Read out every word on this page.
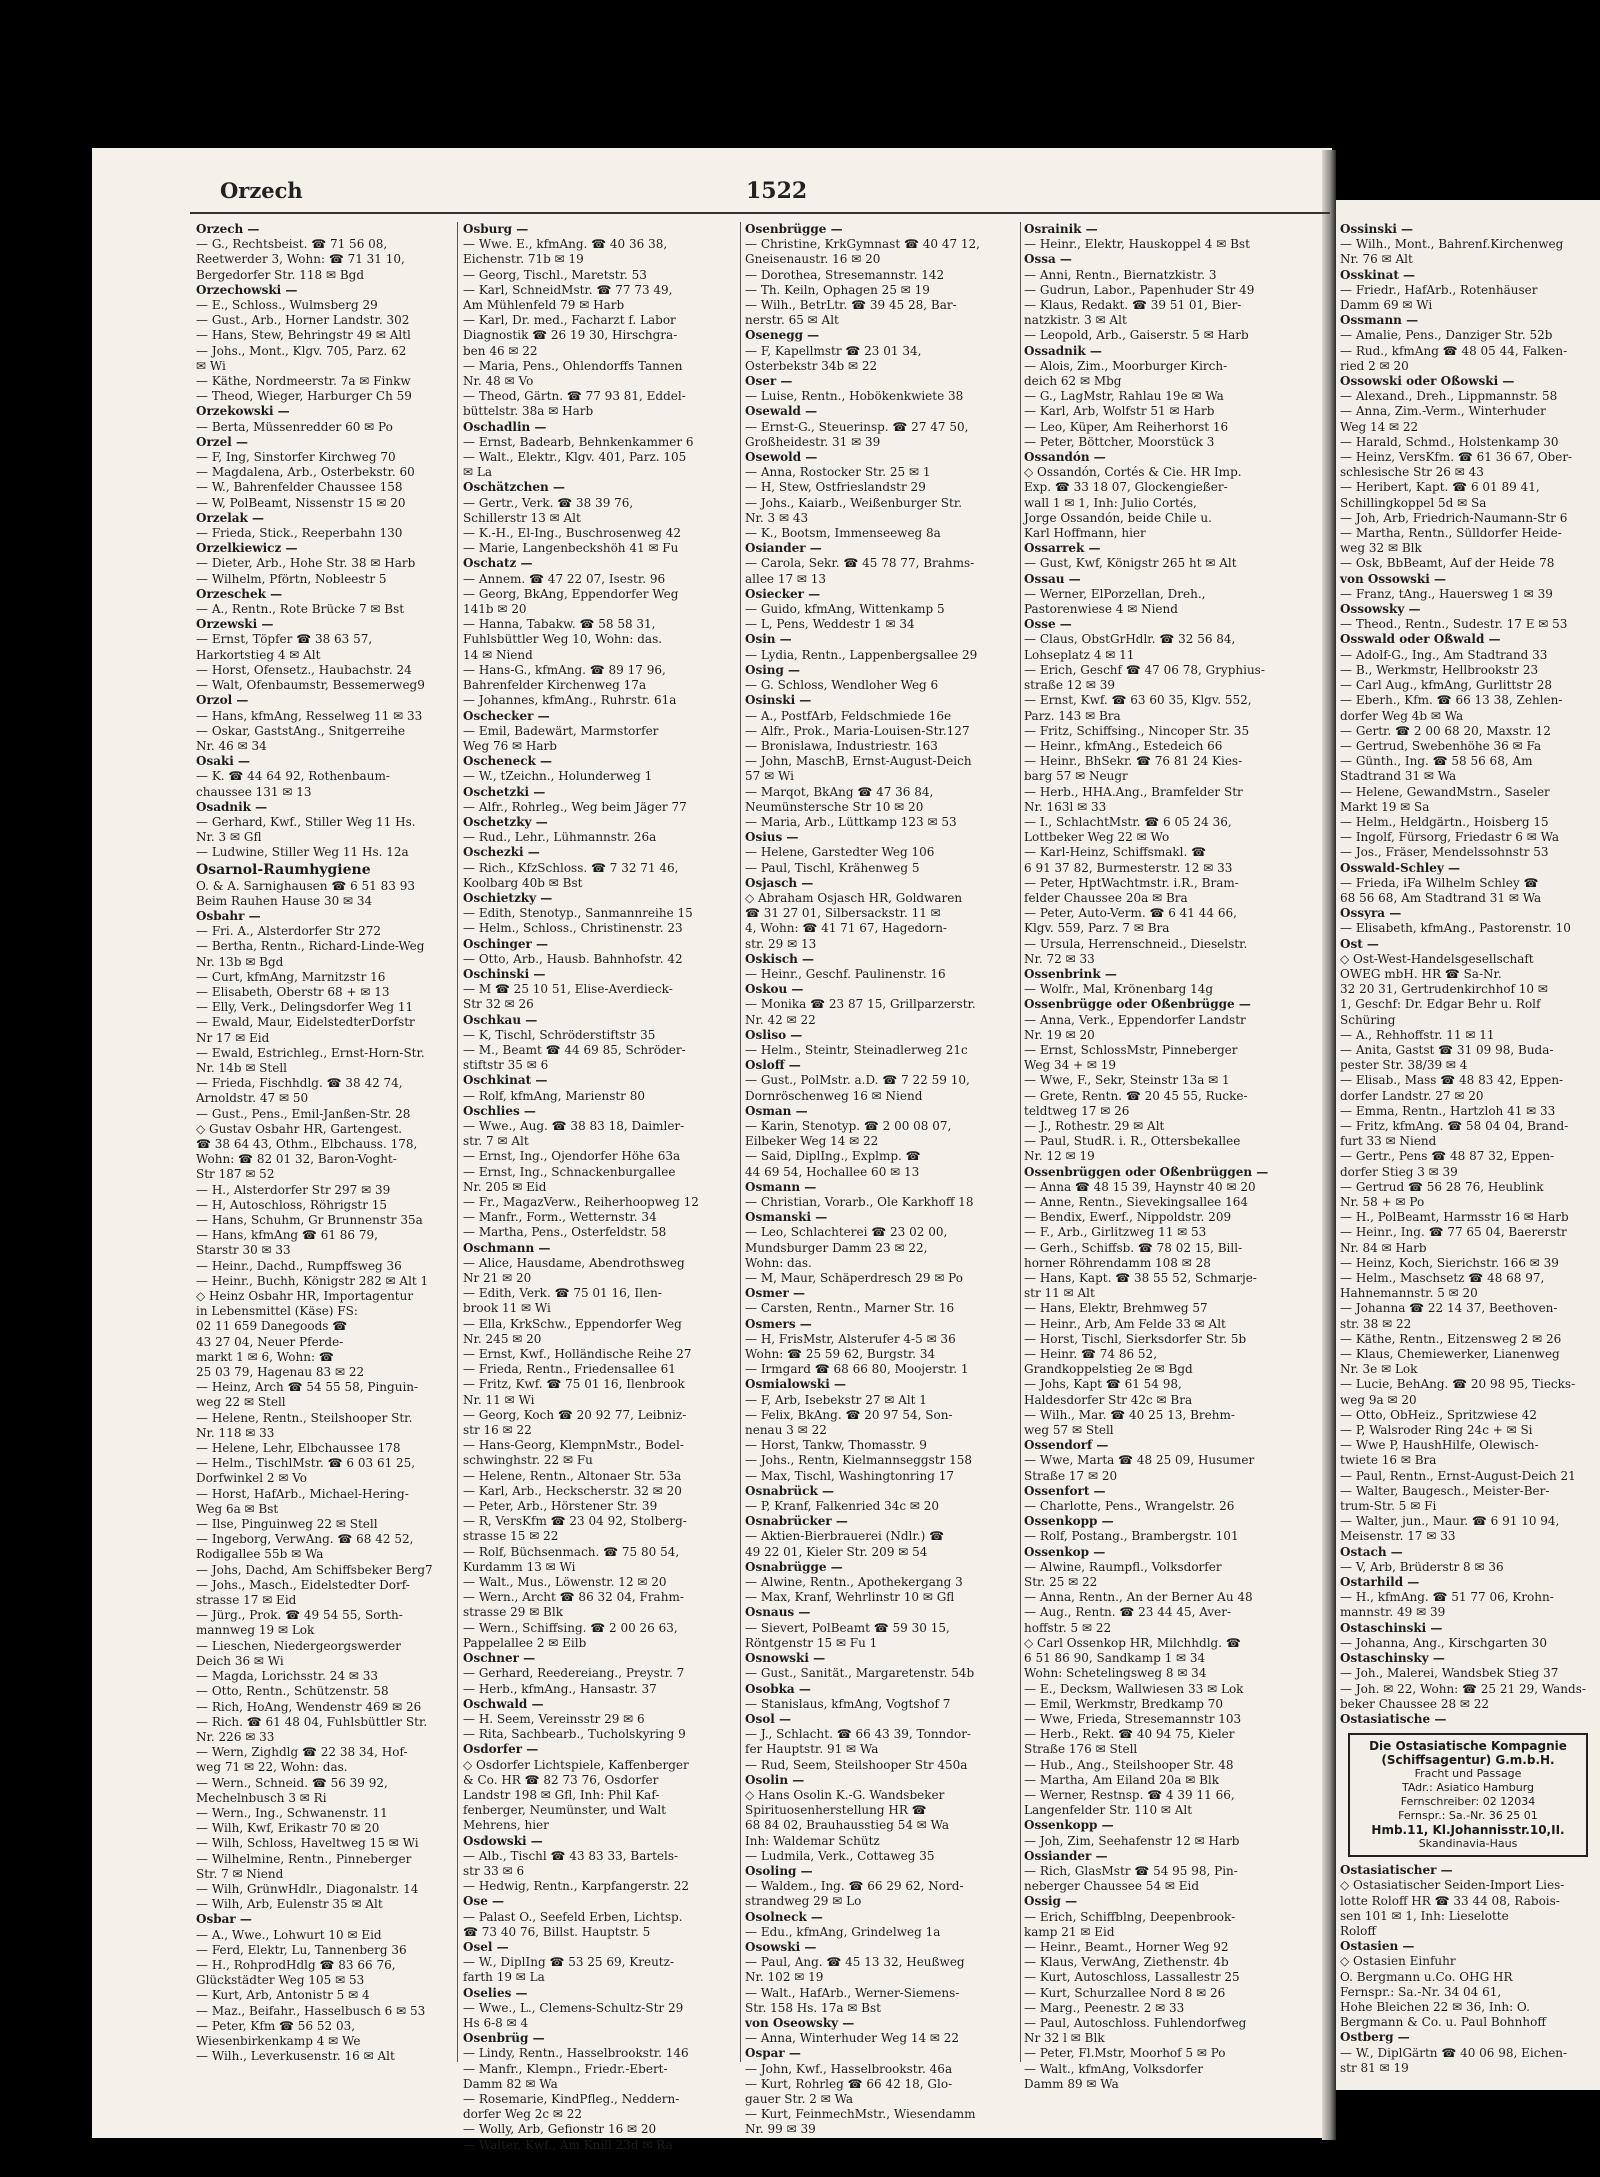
Orzech	1522
Orzech —
— G., Rechtsbeist. ☎ 71 56 08,
Reetwerder 3, Wohn: ☎ 71 31 10,
Bergedorfer Str. 118 ✉ Bgd
Orzechowski —
— E., Schloss., Wulmsberg 29
— Gust., Arb., Horner Landstr. 302
— Hans, Stew, Behringstr 49 ✉ Altl
— Johs., Mont., Klgv. 705, Parz. 62
✉ Wi
— Käthe, Nordmeerstr. 7a ✉ Finkw
— Theod, Wieger, Harburger Ch 59
Orzekowski —
— Berta, Müssenredder 60 ✉ Po
Orzel —
— F, Ing, Sinstorfer Kirchweg 70
— Magdalena, Arb., Osterbekstr. 60
— W., Bahrenfelder Chaussee 158
— W, PolBeamt, Nissenstr 15 ✉ 20
Orzelak —
— Frieda, Stick., Reeperbahn 130
Orzelkiewicz —
— Dieter, Arb., Hohe Str. 38 ✉ Harb
— Wilhelm, Pförtn, Nobleestr 5
Orzeschek —
— A., Rentn., Rote Brücke 7 ✉ Bst
Orzewski —
— Ernst, Töpfer ☎ 38 63 57,
Harkortstieg 4 ✉ Alt
— Horst, Ofensetz., Haubachstr. 24
— Walt, Ofenbaumstr, Bessemerweg9
Orzol —
— Hans, kfmAng, Resselweg 11 ✉ 33
— Oskar, GaststAng., Snitgerreihe
Nr. 46 ✉ 34
Osaki —
— K. ☎ 44 64 92, Rothenbaum-
chaussee 131 ✉ 13
Osadnik —
— Gerhard, Kwf., Stiller Weg 11 Hs.
Nr. 3 ✉ Gfl
— Ludwine, Stiller Weg 11 Hs. 12a
Osarnol-Raumhygiene
O. & A. Sarnighausen ☎ 6 51 83 93
Beim Rauhen Hause 30 ✉ 34
Osbahr —
— Fri. A., Alsterdorfer Str 272
— Bertha, Rentn., Richard-Linde-Weg
Nr. 13b ✉ Bgd
— Curt, kfmAng, Marnitzstr 16
— Elisabeth, Oberstr 68 + ✉ 13
— Elly, Verk., Delingsdorfer Weg 11
— Ewald, Maur, EidelstedterDorfstr
Nr 17 ✉ Eid
— Ewald, Estrichleg., Ernst-Horn-Str.
Nr. 14b ✉ Stell
— Frieda, Fischhdlg. ☎ 38 42 74,
Arnoldstr. 47 ✉ 50
— Gust., Pens., Emil-Janßen-Str. 28
◇ Gustav Osbahr HR, Gartengest.
☎ 38 64 43, Othm., Elbchauss. 178,
Wohn: ☎ 82 01 32, Baron-Voght-
Str 187 ✉ 52
— H., Alsterdorfer Str 297 ✉ 39
— H, Autoschloss, Röhrigstr 15
— Hans, Schuhm, Gr Brunnenstr 35a
— Hans, kfmAng ☎ 61 86 79,
Starstr 30 ✉ 33
— Heinr., Dachd., Rumpffsweg 36
— Heinr., Buchh, Königstr 282 ✉ Alt 1
◇ Heinz Osbahr HR, Importagentur
in Lebensmittel (Käse) FS:
02 11 659 Danegoods ☎
43 27 04, Neuer Pferde-
markt 1 ✉ 6, Wohn: ☎
25 03 79, Hagenau 83 ✉ 22
— Heinz, Arch ☎ 54 55 58, Pinguin-
weg 22 ✉ Stell
— Helene, Rentn., Steilshooper Str.
Nr. 118 ✉ 33
— Helene, Lehr, Elbchaussee 178
— Helm., TischlMstr. ☎ 6 03 61 25,
Dorfwinkel 2 ✉ Vo
— Horst, HafArb., Michael-Hering-
Weg 6a ✉ Bst
— Ilse, Pinguinweg 22 ✉ Stell
— Ingeborg, VerwAng. ☎ 68 42 52,
Rodigallee 55b ✉ Wa
— Johs, Dachd, Am Schiffsbeker Berg7
— Johs., Masch., Eidelstedter Dorf-
strasse 17 ✉ Eid
— Jürg., Prok. ☎ 49 54 55, Sorth-
mannweg 19 ✉ Lok
— Lieschen, Niedergeorgswerder
Deich 36 ✉ Wi
— Magda, Lorichsstr. 24 ✉ 33
— Otto, Rentn., Schützenstr. 58
— Rich, HoAng, Wendenstr 469 ✉ 26
— Rich. ☎ 61 48 04, Fuhlsbüttler Str.
Nr. 226 ✉ 33
— Wern, Zighdlg ☎ 22 38 34, Hof-
weg 71 ✉ 22, Wohn: das.
— Wern., Schneid. ☎ 56 39 92,
Mechelnbusch 3 ✉ Ri
— Wern., Ing., Schwanenstr. 11
— Wilh, Kwf, Erikastr 70 ✉ 20
— Wilh, Schloss, Haveltweg 15 ✉ Wi
— Wilhelmine, Rentn., Pinneberger
Str. 7 ✉ Niend
— Wilh, GrünwHdlr., Diagonalstr. 14
— Wilh, Arb, Eulenstr 35 ✉ Alt
Osbar —
— A., Wwe., Lohwurt 10 ✉ Eid
— Ferd, Elektr, Lu, Tannenberg 36
— H., RohprodHdlg ☎ 83 66 76,
Glückstädter Weg 105 ✉ 53
— Kurt, Arb, Antonistr 5 ✉ 4
— Maz., Beifahr., Hasselbusch 6 ✉ 53
— Peter, Kfm ☎ 56 52 03,
Wiesenbirkenkamp 4 ✉ We
— Wilh., Leverkusenstr. 16 ✉ Alt
Osburg —
— Wwe. E., kfmAng. ☎ 40 36 38,
Eichenstr. 71b ✉ 19
— Georg, Tischl., Maretstr. 53
— Karl, SchneidMstr. ☎ 77 73 49,
Am Mühlenfeld 79 ✉ Harb
— Karl, Dr. med., Facharzt f. Labor
Diagnostik ☎ 26 19 30, Hirschgra-
ben 46 ✉ 22
— Maria, Pens., Ohlendorffs Tannen
Nr. 48 ✉ Vo
— Theod, Gärtn. ☎ 77 93 81, Eddel-
büttelstr. 38a ✉ Harb
Oschadlin —
— Ernst, Badearb, Behnkenkammer 6
— Walt., Elektr., Klgv. 401, Parz. 105
✉ La
Oschätzchen —
— Gertr., Verk. ☎ 38 39 76,
Schillerstr 13 ✉ Alt
— K.-H., El-Ing., Buschrosenweg 42
— Marie, Langenbeckshöh 41 ✉ Fu
Oschatz —
— Annem. ☎ 47 22 07, Isestr. 96
— Georg, BkAng, Eppendorfer Weg
141b ✉ 20
— Hanna, Tabakw. ☎ 58 58 31,
Fuhlsbüttler Weg 10, Wohn: das.
14 ✉ Niend
— Hans-G., kfmAng. ☎ 89 17 96,
Bahrenfelder Kirchenweg 17a
— Johannes, kfmAng., Ruhrstr. 61a
Oschecker —
— Emil, Badewärt, Marmstorfer
Weg 76 ✉ Harb
Oscheneck —
— W., tZeichn., Holunderweg 1
Oschetzki —
— Alfr., Rohrleg., Weg beim Jäger 77
Oschetzky —
— Rud., Lehr., Lühmannstr. 26a
Oschezki —
— Rich., KfzSchloss. ☎ 7 32 71 46,
Koolbarg 40b ✉ Bst
Oschietzky —
— Edith, Stenotyp., Sanmannreihe 15
— Helm., Schloss., Christinenstr. 23
Oschinger —
— Otto, Arb., Hausb. Bahnhofstr. 42
Oschinski —
— M ☎ 25 10 51, Elise-Averdieck-
Str 32 ✉ 26
Oschkau —
— K, Tischl, Schröderstiftstr 35
— M., Beamt ☎ 44 69 85, Schröder-
stiftstr 35 ✉ 6
Oschkinat —
— Rolf, kfmAng, Marienstr 80
Oschlies —
— Wwe., Aug. ☎ 38 83 18, Daimler-
str. 7 ✉ Alt
— Ernst, Ing., Ojendorfer Höhe 63a
— Ernst, Ing., Schnackenburgallee
Nr. 205 ✉ Eid
— Fr., MagazVerw., Reiherhoopweg 12
— Manfr., Form., Wetternstr. 34
— Martha, Pens., Osterfeldstr. 58
Oschmann —
— Alice, Hausdame, Abendrothsweg
Nr 21 ✉ 20
— Edith, Verk. ☎ 75 01 16, Ilen-
brook 11 ✉ Wi
— Ella, KrkSchw., Eppendorfer Weg
Nr. 245 ✉ 20
— Ernst, Kwf., Holländische Reihe 27
— Frieda, Rentn., Friedensallee 61
— Fritz, Kwf. ☎ 75 01 16, Ilenbrook
Nr. 11 ✉ Wi
— Georg, Koch ☎ 20 92 77, Leibniz-
str 16 ✉ 22
— Hans-Georg, KlempnMstr., Bodel-
schwinghstr. 22 ✉ Fu
— Helene, Rentn., Altonaer Str. 53a
— Karl, Arb., Heckscherstr. 32 ✉ 20
— Peter, Arb., Hörstener Str. 39
— R, VersKfm ☎ 23 04 92, Stolberg-
strasse 15 ✉ 22
— Rolf, Büchsenmach. ☎ 75 80 54,
Kurdamm 13 ✉ Wi
— Walt., Mus., Löwenstr. 12 ✉ 20
— Wern., Archt ☎ 86 32 04, Frahm-
strasse 29 ✉ Blk
— Wern., Schiffsing. ☎ 2 00 26 63,
Pappelallee 2 ✉ Eilb
Oschner —
— Gerhard, Reedereiang., Preystr. 7
— Herb., kfmAng., Hansastr. 37
Oschwald —
— H. Seem, Vereinsstr 29 ✉ 6
— Rita, Sachbearb., Tucholskyring 9
Osdorfer —
◇ Osdorfer Lichtspiele, Kaffenberger
& Co. HR ☎ 82 73 76, Osdorfer
Landstr 198 ✉ Gfl, Inh: Phil Kaf-
fenberger, Neumünster, und Walt
Mehrens, hier
Osdowski —
— Alb., Tischl ☎ 43 83 33, Bartels-
str 33 ✉ 6
— Hedwig, Rentn., Karpfangerstr. 22
Ose —
— Palast O., Seefeld Erben, Lichtsp.
☎ 73 40 76, Billst. Hauptstr. 5
Osel —
— W., DiplIng ☎ 53 25 69, Kreutz-
farth 19 ✉ La
Oselies —
— Wwe., L., Clemens-Schultz-Str 29
Hs 6-8 ✉ 4
Osenbrüg —
— Lindy, Rentn., Hasselbrookstr. 146
— Manfr., Klempn., Friedr.-Ebert-
Damm 82 ✉ Wa
— Rosemarie, KindPfleg., Neddern-
dorfer Weg 2c ✉ 22
— Wolly, Arb, Gefionstr 16 ✉ 20
— Walter, Kwf., Am Knill 23d ✉ Ra
Osenbrügge —
— Christine, KrkGymnast ☎ 40 47 12,
Gneisenaustr. 16 ✉ 20
— Dorothea, Stresemannstr. 142
— Th. Keiln, Ophagen 25 ✉ 19
— Wilh., BetrLtr. ☎ 39 45 28, Bar-
nerstr. 65 ✉ Alt
Osenegg —
— F, Kapellmstr ☎ 23 01 34,
Osterbekstr 34b ✉ 22
Oser —
— Luise, Rentn., Hobökenkwiete 38
Osewald —
— Ernst-G., Steuerinsp. ☎ 27 47 50,
Großheidestr. 31 ✉ 39
Osewold —
— Anna, Rostocker Str. 25 ✉ 1
— H, Stew, Ostfrieslandstr 29
— Johs., Kaiarb., Weißenburger Str.
Nr. 3 ✉ 43
— K., Bootsm, Immenseeweg 8a
Osiander —
— Carola, Sekr. ☎ 45 78 77, Brahms-
allee 17 ✉ 13
Osiecker —
— Guido, kfmAng, Wittenkamp 5
— L, Pens, Weddestr 1 ✉ 34
Osin —
— Lydia, Rentn., Lappenbergsallee 29
Osing —
— G. Schloss, Wendloher Weg 6
Osinski —
— A., PostfArb, Feldschmiede 16e
— Alfr., Prok., Maria-Louisen-Str.127
— Bronislawa, Industriestr. 163
— John, MaschB, Ernst-August-Deich
57 ✉ Wi
— Marqot, BkAng ☎ 47 36 84,
Neumünstersche Str 10 ✉ 20
— Maria, Arb., Lüttkamp 123 ✉ 53
Osius —
— Helene, Garstedter Weg 106
— Paul, Tischl, Krähenweg 5
Osjasch —
◇ Abraham Osjasch HR, Goldwaren
☎ 31 27 01, Silbersackstr. 11 ✉
4, Wohn: ☎ 41 71 67, Hagedorn-
str. 29 ✉ 13
Oskisch —
— Heinr., Geschf. Paulinenstr. 16
Oskou —
— Monika ☎ 23 87 15, Grillparzerstr.
Nr. 42 ✉ 22
Osliso —
— Helm., Steintr, Steinadlerweg 21c
Osloff —
— Gust., PolMstr. a.D. ☎ 7 22 59 10,
Dornröschenweg 16 ✉ Niend
Osman —
— Karin, Stenotyp. ☎ 2 00 08 07,
Eilbeker Weg 14 ✉ 22
— Said, DiplIng., Explmp. ☎
44 69 54, Hochallee 60 ✉ 13
Osmann —
— Christian, Vorarb., Ole Karkhoff 18
Osmanski —
— Leo, Schlachterei ☎ 23 02 00,
Mundsburger Damm 23 ✉ 22,
Wohn: das.
— M, Maur, Schäperdresch 29 ✉ Po
Osmer —
— Carsten, Rentn., Marner Str. 16
Osmers —
— H, FrisMstr, Alsterufer 4-5 ✉ 36
Wohn: ☎ 25 59 62, Burgstr. 34
— Irmgard ☎ 68 66 80, Moojerstr. 1
Osmialowski —
— F, Arb, Isebekstr 27 ✉ Alt 1
— Felix, BkAng. ☎ 20 97 54, Son-
nenau 3 ✉ 22
— Horst, Tankw, Thomasstr. 9
— Johs., Rentn, Kielmannseggstr 158
— Max, Tischl, Washingtonring 17
Osnabrück —
— P, Kranf, Falkenried 34c ✉ 20
Osnabrücker —
— Aktien-Bierbrauerei (Ndlr.) ☎
49 22 01, Kieler Str. 209 ✉ 54
Osnabrügge —
— Alwine, Rentn., Apothekergang 3
— Max, Kranf, Wehrlinstr 10 ✉ Gfl
Osnaus —
— Sievert, PolBeamt ☎ 59 30 15,
Röntgenstr 15 ✉ Fu 1
Osnowski —
— Gust., Sanität., Margaretenstr. 54b
Osobka —
— Stanislaus, kfmAng, Vogtshof 7
Osol —
— J., Schlacht. ☎ 66 43 39, Tonndor-
fer Hauptstr. 91 ✉ Wa
— Rud, Seem, Steilshooper Str 450a
Osolin —
◇ Hans Osolin K.-G. Wandsbeker
Spirituosenherstellung HR ☎
68 84 02, Brauhausstieg 54 ✉ Wa
Inh: Waldemar Schütz
— Ludmila, Verk., Cottaweg 35
Osoling —
— Waldem., Ing. ☎ 66 29 62, Nord-
strandweg 29 ✉ Lo
Osolneck —
— Edu., kfmAng, Grindelweg 1a
Osowski —
— Paul, Ang. ☎ 45 13 32, Heußweg
Nr. 102 ✉ 19
— Walt., HafArb., Werner-Siemens-
Str. 158 Hs. 17a ✉ Bst
von Oseowsky —
— Anna, Winterhuder Weg 14 ✉ 22
Ospar —
— John, Kwf., Hasselbrookstr. 46a
— Kurt, Rohrleg ☎ 66 42 18, Glo-
gauer Str. 2 ✉ Wa
— Kurt, FeinmechMstr., Wiesendamm
Nr. 99 ✉ 39
Osrainik —
— Heinr., Elektr, Hauskoppel 4 ✉ Bst
Ossa —
— Anni, Rentn., Biernatzkistr. 3
— Gudrun, Labor., Papenhuder Str 49
— Klaus, Redakt. ☎ 39 51 01, Bier-
natzkistr. 3 ✉ Alt
— Leopold, Arb., Gaiserstr. 5 ✉ Harb
Ossadnik —
— Alois, Zim., Moorburger Kirch-
deich 62 ✉ Mbg
— G., LagMstr, Rahlau 19e ✉ Wa
— Karl, Arb, Wolfstr 51 ✉ Harb
— Leo, Küper, Am Reiherhorst 16
— Peter, Böttcher, Moorstück 3
Ossandón —
◇ Ossandón, Cortés & Cie. HR Imp.
Exp. ☎ 33 18 07, Glockengießer-
wall 1 ✉ 1, Inh: Julio Cortés,
Jorge Ossandón, beide Chile u.
Karl Hoffmann, hier
Ossarrek —
— Gust, Kwf, Königstr 265 ht ✉ Alt
Ossau —
— Werner, ElPorzellan, Dreh.,
Pastorenwiese 4 ✉ Niend
Osse —
— Claus, ObstGrHdlr. ☎ 32 56 84,
Lohseplatz 4 ✉ 11
— Erich, Geschf ☎ 47 06 78, Gryphius-
straße 12 ✉ 39
— Ernst, Kwf. ☎ 63 60 35, Klgv. 552,
Parz. 143 ✉ Bra
— Fritz, Schiffsing., Nincoper Str. 35
— Heinr., kfmAng., Estedeich 66
— Heinr., BhSekr. ☎ 76 81 24 Kies-
barg 57 ✉ Neugr
— Herb., HHA.Ang., Bramfelder Str
Nr. 163l ✉ 33
— I., SchlachtMstr. ☎ 6 05 24 36,
Lottbeker Weg 22 ✉ Wo
— Karl-Heinz, Schiffsmakl. ☎
6 91 37 82, Burmesterstr. 12 ✉ 33
— Peter, HptWachtmstr. i.R., Bram-
felder Chaussee 20a ✉ Bra
— Peter, Auto-Verm. ☎ 6 41 44 66,
Klgv. 559, Parz. 7 ✉ Bra
— Ursula, Herrenschneid., Dieselstr.
Nr. 72 ✉ 33
Ossenbrink —
— Wolfr., Mal, Krönenbarg 14g
Ossenbrügge oder Oßenbrügge —
— Anna, Verk., Eppendorfer Landstr
Nr. 19 ✉ 20
— Ernst, SchlossMstr, Pinneberger
Weg 34 + ✉ 19
— Wwe, F., Sekr, Steinstr 13a ✉ 1
— Grete, Rentn. ☎ 20 45 55, Rucke-
teldtweg 17 ✉ 26
— J., Rothestr. 29 ✉ Alt
— Paul, StudR. i. R., Ottersbekallee
Nr. 12 ✉ 19
Ossenbrüggen oder Oßenbrüggen —
— Anna ☎ 48 15 39, Haynstr 40 ✉ 20
— Anne, Rentn., Sievekingsallee 164
— Bendix, Ewerf., Nippoldstr. 209
— F., Arb., Girlitzweg 11 ✉ 53
— Gerh., Schiffsb. ☎ 78 02 15, Bill-
horner Röhrendamm 108 ✉ 28
— Hans, Kapt. ☎ 38 55 52, Schmarje-
str 11 ✉ Alt
— Hans, Elektr, Brehmweg 57
— Heinr., Arb, Am Felde 33 ✉ Alt
— Horst, Tischl, Sierksdorfer Str. 5b
— Heinr. ☎ 74 86 52,
Grandkoppelstieg 2e ✉ Bgd
— Johs, Kapt ☎ 61 54 98,
Haldesdorfer Str 42c ✉ Bra
— Wilh., Mar. ☎ 40 25 13, Brehm-
weg 57 ✉ Stell
Ossendorf —
— Wwe, Marta ☎ 48 25 09, Husumer
Straße 17 ✉ 20
Ossenfort —
— Charlotte, Pens., Wrangelstr. 26
Ossenkopp —
— Rolf, Postang., Brambergstr. 101
Ossenkop —
— Alwine, Raumpfl., Volksdorfer
Str. 25 ✉ 22
— Anna, Rentn., An der Berner Au 48
— Aug., Rentn. ☎ 23 44 45, Aver-
hoffstr. 5 ✉ 22
◇ Carl Ossenkop HR, Milchhdlg. ☎
6 51 86 90, Sandkamp 1 ✉ 34
Wohn: Schetelingsweg 8 ✉ 34
— E., Decksm, Wallwiesen 33 ✉ Lok
— Emil, Werkmstr, Bredkamp 70
— Wwe, Frieda, Stresemannstr 103
— Herb., Rekt. ☎ 40 94 75, Kieler
Straße 176 ✉ Stell
— Hub., Ang., Steilshooper Str. 48
— Martha, Am Eiland 20a ✉ Blk
— Werner, Restnsp. ☎ 4 39 11 66,
Langenfelder Str. 110 ✉ Alt
Ossenkopp —
— Joh, Zim, Seehafenstr 12 ✉ Harb
Ossiander —
— Rich, GlasMstr ☎ 54 95 98, Pin-
neberger Chaussee 54 ✉ Eid
Ossig —
— Erich, Schiffblng, Deepenbrook-
kamp 21 ✉ Eid
— Heinr., Beamt., Horner Weg 92
— Klaus, VerwAng, Ziethenstr. 4b
— Kurt, Autoschloss, Lassallestr 25
— Kurt, Schurzallee Nord 8 ✉ 26
— Marg., Peenestr. 2 ✉ 33
— Paul, Autoschloss. Fuhlendorfweg
Nr 32 l ✉ Blk
— Peter, Fl.Mstr, Moorhof 5 ✉ Po
— Walt., kfmAng, Volksdorfer
Damm 89 ✉ Wa
Ossinski —
— Wilh., Mont., Bahrenf.Kirchenweg
Nr. 76 ✉ Alt
Osskinat —
— Friedr., HafArb., Rotenhäuser
Damm 69 ✉ Wi
Ossmann —
— Amalie, Pens., Danziger Str. 52b
— Rud., kfmAng ☎ 48 05 44, Falken-
ried 2 ✉ 20
Ossowski oder Oßowski —
— Alexand., Dreh., Lippmannstr. 58
— Anna, Zim.-Verm., Winterhuder
Weg 14 ✉ 22
— Harald, Schmd., Holstenkamp 30
— Heinz, VersKfm. ☎ 61 36 67, Ober-
schlesische Str 26 ✉ 43
— Heribert, Kapt. ☎ 6 01 89 41,
Schillingkoppel 5d ✉ Sa
— Joh, Arb, Friedrich-Naumann-Str 6
— Martha, Rentn., Sülldorfer Heide-
weg 32 ✉ Blk
— Osk, BbBeamt, Auf der Heide 78
von Ossowski —
— Franz, tAng., Hauersweg 1 ✉ 39
Ossowsky —
— Theod., Rentn., Sudestr. 17 E ✉ 53
Osswald oder Oßwald —
— Adolf-G., Ing., Am Stadtrand 33
— B., Werkmstr, Hellbrookstr 23
— Carl Aug., kfmAng, Gurlittstr 28
— Eberh., Kfm. ☎ 66 13 38, Zehlen-
dorfer Weg 4b ✉ Wa
— Gertr. ☎ 2 00 68 20, Maxstr. 12
— Gertrud, Swebenhöhe 36 ✉ Fa
— Günth., Ing. ☎ 58 56 68, Am
Stadtrand 31 ✉ Wa
— Helene, GewandMstrn., Saseler
Markt 19 ✉ Sa
— Helm., Heldgärtn., Hoisberg 15
— Ingolf, Fürsorg, Friedastr 6 ✉ Wa
— Jos., Fräser, Mendelssohnstr 53
Osswald-Schley —
— Frieda, iFa Wilhelm Schley ☎
68 56 68, Am Stadtrand 31 ✉ Wa
Ossyra —
— Elisabeth, kfmAng., Pastorenstr. 10
Ost —
◇ Ost-West-Handelsgesellschaft
OWEG mbH. HR ☎ Sa-Nr.
32 20 31, Gertrudenkirchhof 10 ✉
1, Geschf: Dr. Edgar Behr u. Rolf
Schüring
— A., Rehhoffstr. 11 ✉ 11
— Anita, Gastst ☎ 31 09 98, Buda-
pester Str. 38/39 ✉ 4
— Elisab., Mass ☎ 48 83 42, Eppen-
dorfer Landstr. 27 ✉ 20
— Emma, Rentn., Hartzloh 41 ✉ 33
— Fritz, kfmAng. ☎ 58 04 04, Brand-
furt 33 ✉ Niend
— Gertr., Pens ☎ 48 87 32, Eppen-
dorfer Stieg 3 ✉ 39
— Gertrud ☎ 56 28 76, Heublink
Nr. 58 + ✉ Po
— H., PolBeamt, Harmsstr 16 ✉ Harb
— Heinr., Ing. ☎ 77 65 04, Baererstr
Nr. 84 ✉ Harb
— Heinz, Koch, Sierichstr. 166 ✉ 39
— Helm., Maschsetz ☎ 48 68 97,
Hahnemannstr. 5 ✉ 20
— Johanna ☎ 22 14 37, Beethoven-
str. 38 ✉ 22
— Käthe, Rentn., Eitzensweg 2 ✉ 26
— Klaus, Chemiewerker, Lianenweg
Nr. 3e ✉ Lok
— Lucie, BehAng. ☎ 20 98 95, Tiecks-
weg 9a ✉ 20
— Otto, ObHeiz., Spritzwiese 42
— P, Walsroder Ring 24c + ✉ Si
— Wwe P, HaushHilfe, Olewisch-
twiete 16 ✉ Bra
— Paul, Rentn., Ernst-August-Deich 21
— Walter, Baugesch., Meister-Ber-
trum-Str. 5 ✉ Fi
— Walter, jun., Maur. ☎ 6 91 10 94,
Meisenstr. 17 ✉ 33
Ostach —
— V, Arb, Brüderstr 8 ✉ 36
Ostarhild —
— H., kfmAng. ☎ 51 77 06, Krohn-
mannstr. 49 ✉ 39
Ostaschinski —
— Johanna, Ang., Kirschgarten 30
Ostaschinsky —
— Joh., Malerei, Wandsbek Stieg 37
— Joh. ✉ 22, Wohn: ☎ 25 21 29, Wands-
beker Chaussee 28 ✉ 22
Ostasiatische —
Die Ostasiatische Kompagnie
(Schiffsagentur) G.m.b.H.
Fracht und Passage
TAdr.: Asiatico Hamburg
Fernschreiber: 02 12034
Fernspr.: Sa.-Nr. 36 25 01
Hmb.11, Kl.Johannisstr.10,II.
Skandinavia-Haus
Ostasiatischer —
◇ Ostasiatischer Seiden-Import Lies-
lotte Roloff HR ☎ 33 44 08, Rabois-
sen 101 ✉ 1, Inh: Lieselotte
Roloff
Ostasien —
◇ Ostasien Einfuhr
O. Bergmann u.Co. OHG HR
Fernspr.: Sa.-Nr. 34 04 61,
Hohe Bleichen 22 ✉ 36, Inh: O.
Bergmann & Co. u. Paul Bohnhoff
Ostberg —
— W., DiplGärtn ☎ 40 06 98, Eichen-
str 81 ✉ 19
